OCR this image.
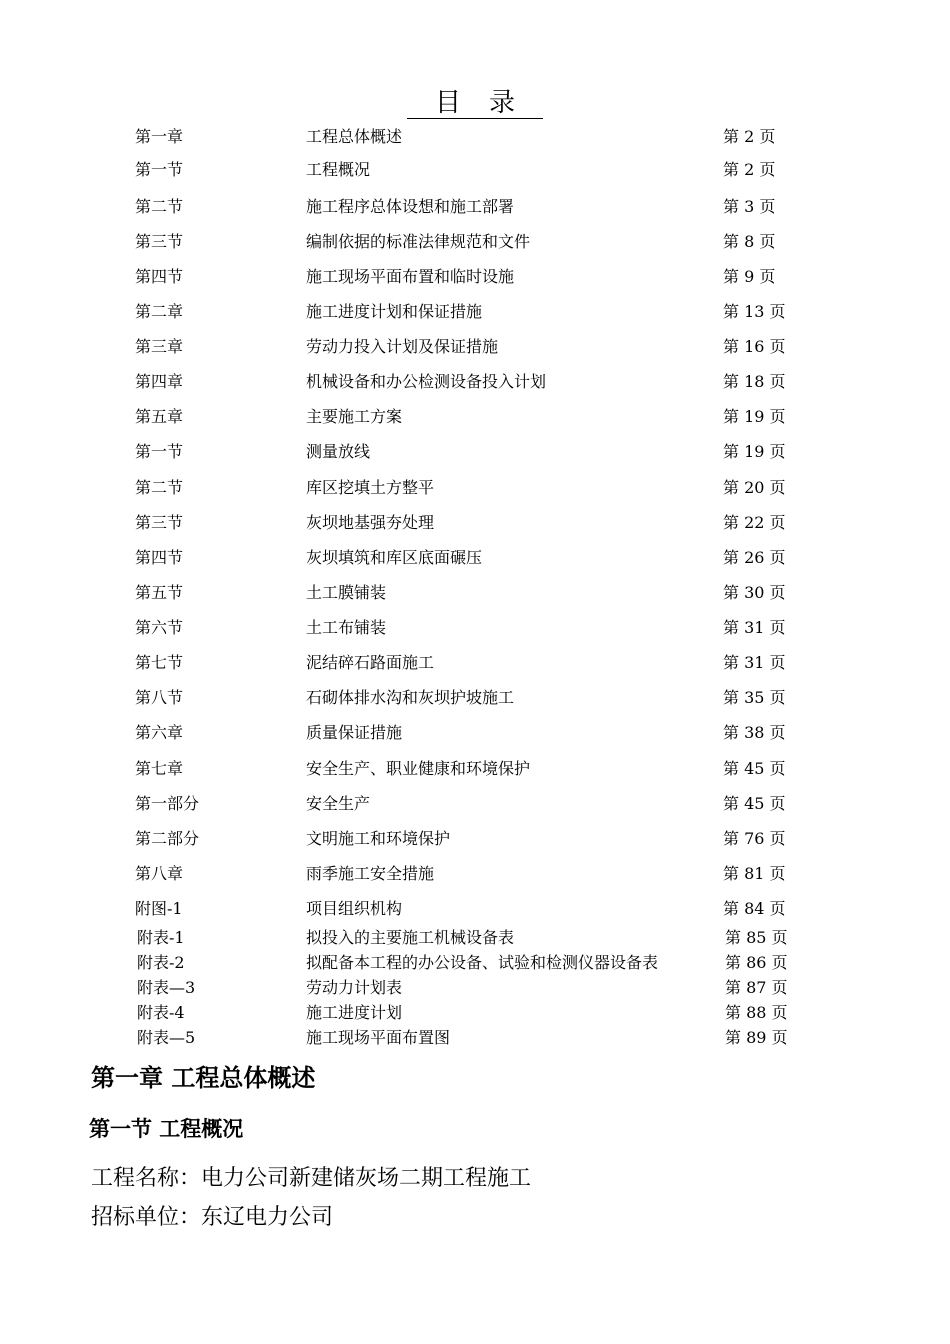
目录
第一章	工程总体概述	第 2 页
第一节	工程概况	第 2 页
第二节	施工程序总体设想和施工部署	第 3 页
第三节	编制依据的标准法律规范和文件	第 8 页
第四节	施工现场平面布置和临时设施	第 9 页
第二章	施工进度计划和保证措施	第 13 页
第三章	劳动力投入计划及保证措施	第 16 页
第四章	机械设备和办公检测设备投入计划	第 18 页
第五章	主要施工方案	第 19 页
第一节	测量放线	第 19 页
第二节	库区挖填土方整平	第 20 页
第三节	灰坝地基强夯处理	第 22 页
第四节	灰坝填筑和库区底面碾压	第 26 页
第五节	土工膜铺装	第 30 页
第六节	土工布铺装	第 31 页
第七节	泥结碎石路面施工	第 31 页
第八节	石砌体排水沟和灰坝护坡施工	第 35 页
第六章	质量保证措施	第 38 页
第七章	安全生产、职业健康和环境保护	第 45 页
第一部分	安全生产	第 45 页
第二部分	文明施工和环境保护	第 76 页
第八章	雨季施工安全措施	第 81 页
附图-1	项目组织机构	第 84 页
附表-1	拟投入的主要施工机械设备表	第 85 页
附表-2	拟配备本工程的办公设备、试验和检测仪器设备表	第 86 页
附表—3	劳动力计划表	第 87 页
附表-4	施工进度计划	第 88 页
附表—5	施工现场平面布置图	第 89 页
第一章 工程总体概述
第一节 工程概况
工程名称：电力公司新建储灰场二期工程施工
招标单位：东辽电力公司
